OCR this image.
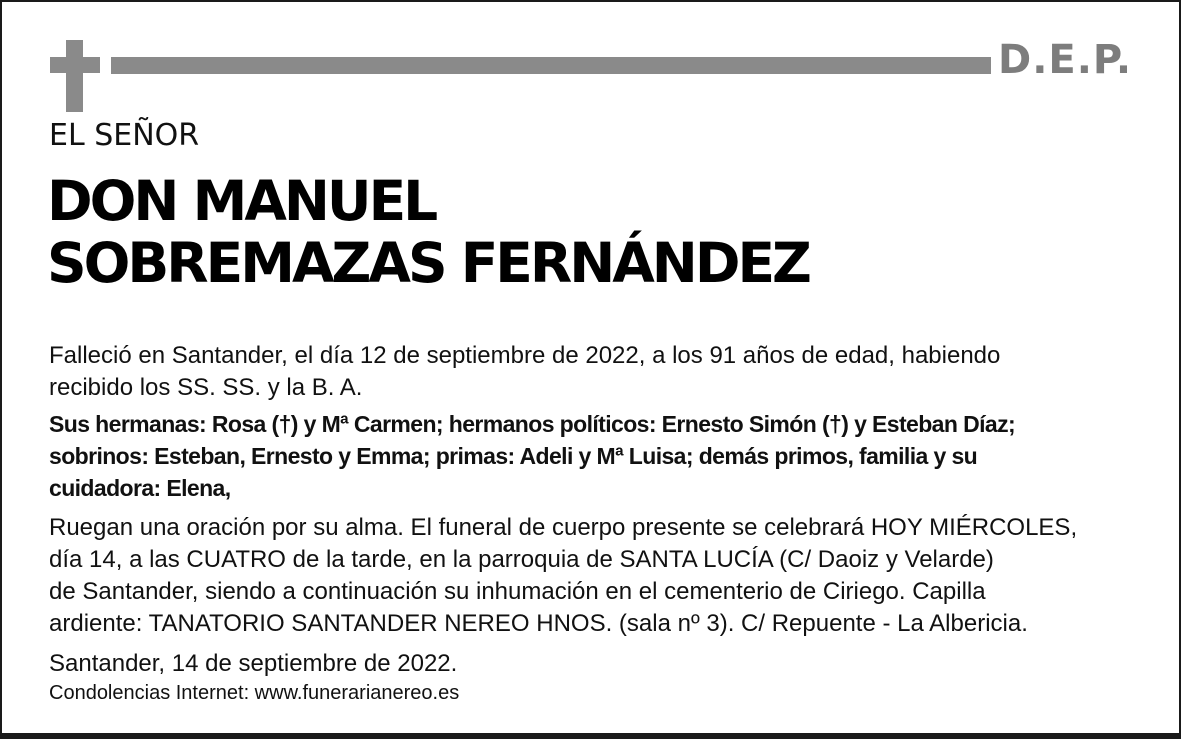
D.E.P.
EL SEÑOR
DON MANUEL
SOBREMAZAS FERNÁNDEZ
Falleció en Santander, el día 12 de septiembre de 2022, a los 91 años de edad, habiendo
recibido los SS. SS. y la B. A.
Sus hermanas: Rosa (†) y Mª Carmen; hermanos políticos: Ernesto Simón (†) y Esteban Díaz;
sobrinos: Esteban, Ernesto y Emma; primas: Adeli y Mª Luisa; demás primos, familia y su
cuidadora: Elena,
Ruegan una oración por su alma. El funeral de cuerpo presente se celebrará HOY MIÉRCOLES,
día 14, a las CUATRO de la tarde, en la parroquia de SANTA LUCÍA (C/ Daoiz y Velarde)
de Santander, siendo a continuación su inhumación en el cementerio de Ciriego. Capilla
ardiente: TANATORIO SANTANDER NEREO HNOS. (sala nº 3). C/ Repuente - La Albericia.
Santander, 14 de septiembre de 2022.
Condolencias Internet: www.funerarianereo.es
